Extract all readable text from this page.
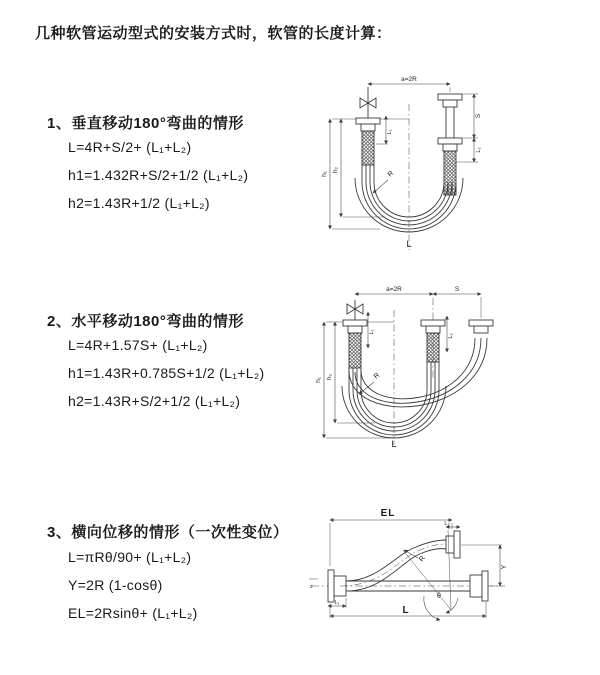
几种软管运动型式的安装方式时，软管的长度计算：
1、垂直移动180°弯曲的情形
L=4R+S/2+ (L₁+L₂)
h1=1.432R+S/2+1/2 (L₁+L₂)
h2=1.43R+1/2 (L₁+L₂)
a=2R
h₁
h₂
L₁
S
L₂
R
L
2、水平移动180°弯曲的情形
L=4R+1.57S+ (L₁+L₂)
h1=1.43R+0.785S+1/2 (L₁+L₂)
h2=1.43R+S/2+1/2 (L₁+L₂)
a=2R	S
h₁ h₂
L₁
L₂
R
L
3、横向位移的情形（一次性变位）
L=πRθ/90+ (L₁+L₂)
Y=2R (1-cosθ)
EL=2Rsinθ+ (L₁+L₂)
z
EL
L₂
Y
θ
R
L₁
L
